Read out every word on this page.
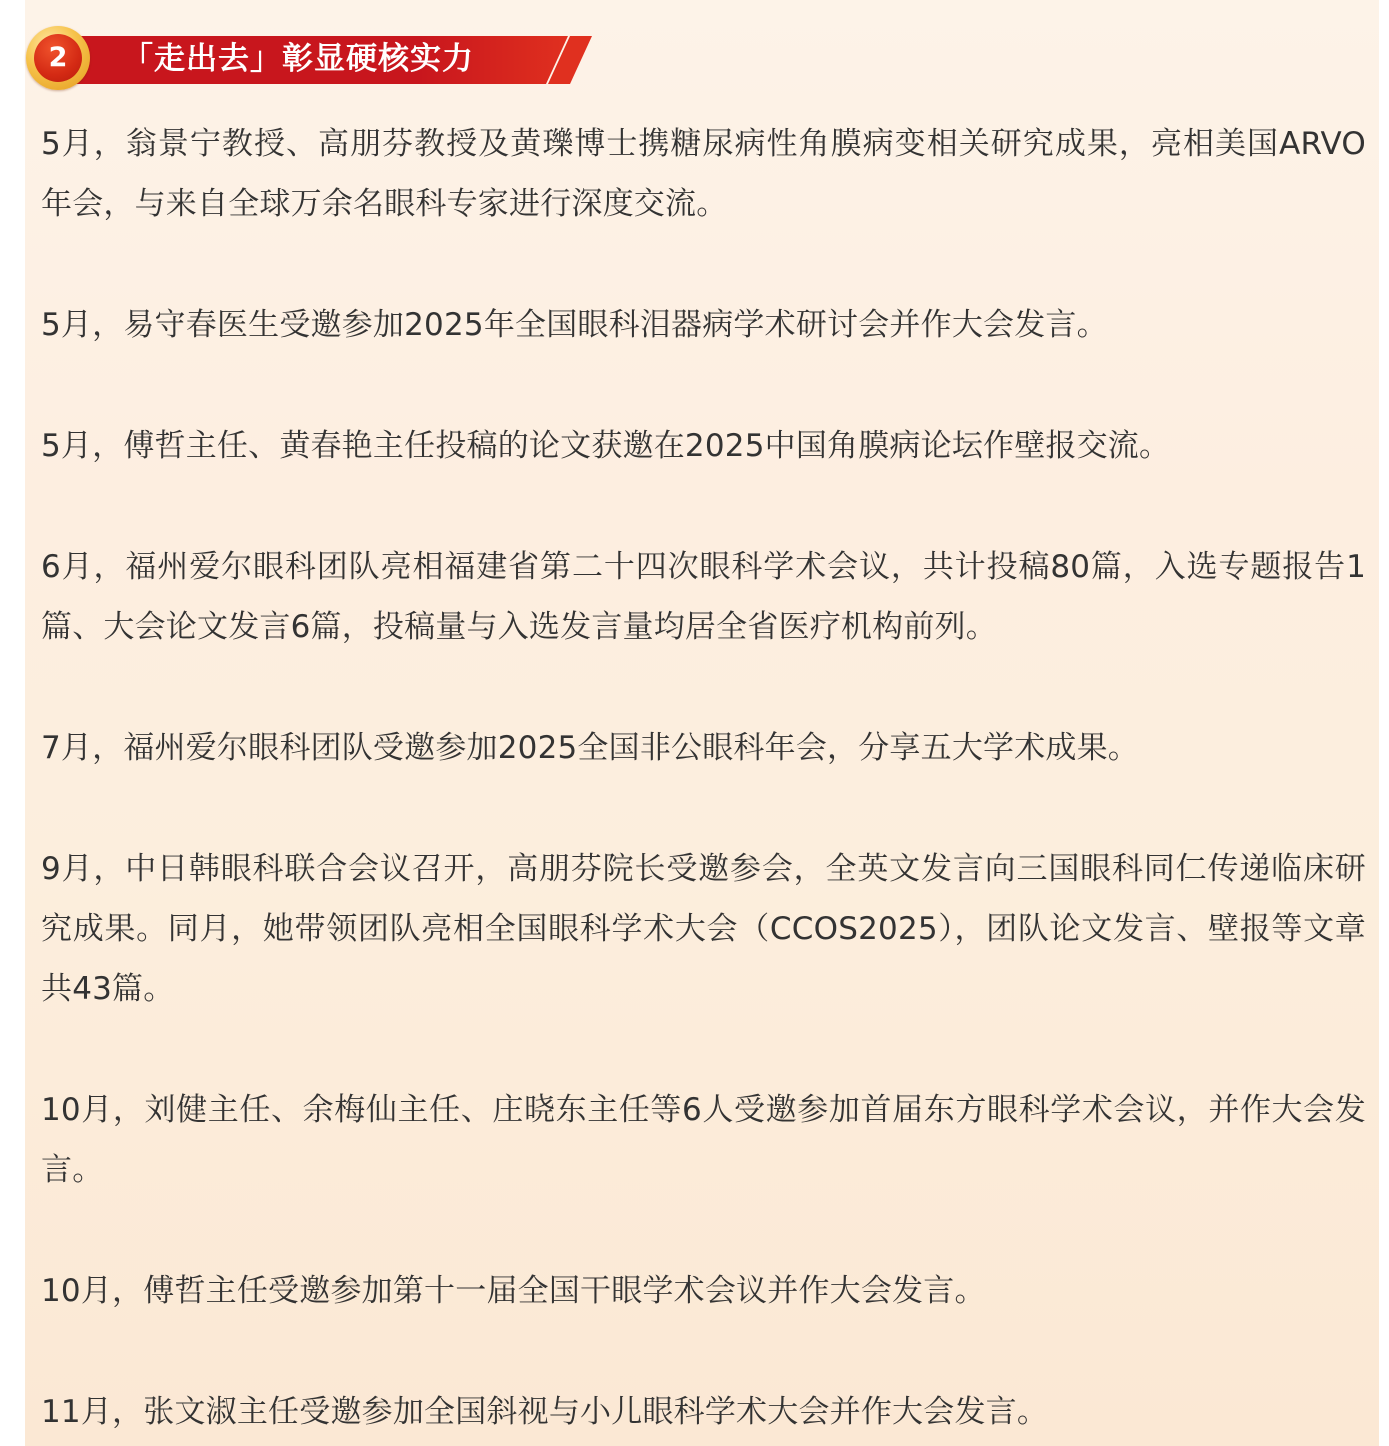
「走出去」彰显硬核实力
2

5月，翁景宁教授、高朋芬教授及黄瓅博士携糖尿病性角膜病变相关研究成果，亮相美国ARVO 年会，与来自全球万余名眼科专家进行深度交流。

5月，易守春医生受邀参加2025年全国眼科泪器病学术研讨会并作大会发言。

5月，傅哲主任、黄春艳主任投稿的论文获邀在2025中国角膜病论坛作壁报交流。

6月，福州爱尔眼科团队亮相福建省第二十四次眼科学术会议，共计投稿80篇，入选专题报告1篇、大会论文发言6篇，投稿量与入选发言量均居全省医疗机构前列。

7月，福州爱尔眼科团队受邀参加2025全国非公眼科年会，分享五大学术成果。

9月，中日韩眼科联合会议召开，高朋芬院长受邀参会，全英文发言向三国眼科同仁传递临床研究成果。同月，她带领团队亮相全国眼科学术大会（CCOS2025），团队论文发言、壁报等文章共43篇。

10月，刘健主任、余梅仙主任、庄晓东主任等6人受邀参加首届东方眼科学术会议，并作大会发言。

10月，傅哲主任受邀参加第十一届全国干眼学术会议并作大会发言。

11月，张文淑主任受邀参加全国斜视与小儿眼科学术大会并作大会发言。
